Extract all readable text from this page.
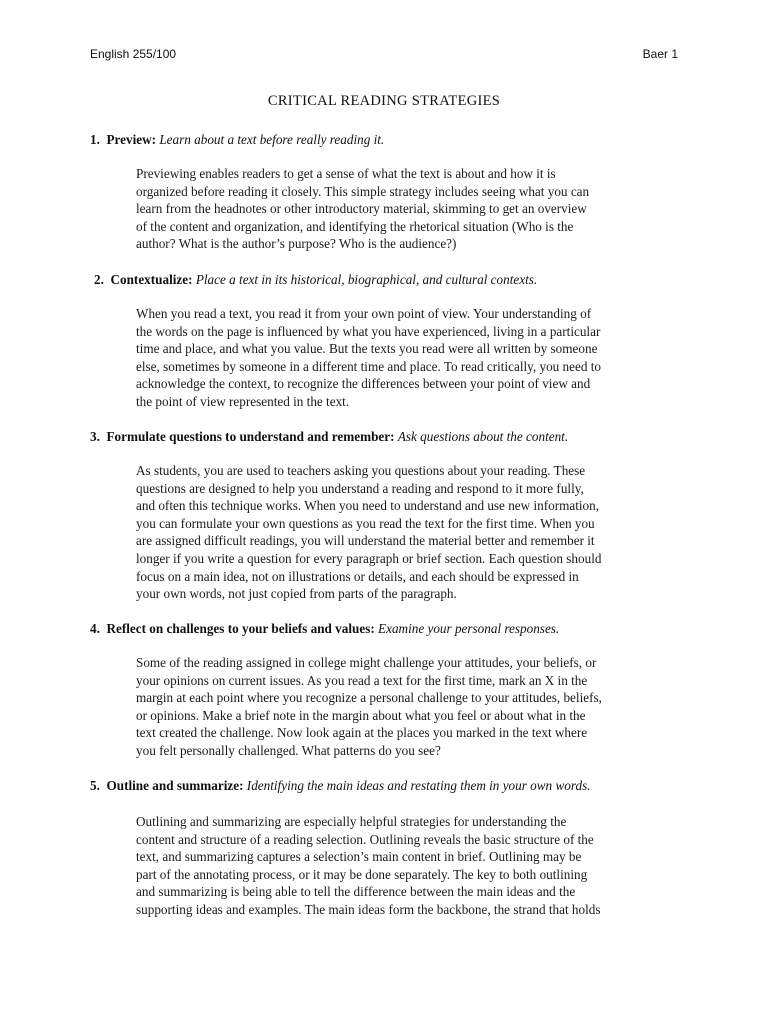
English 255/100	Baer 1
CRITICAL READING STRATEGIES
1. Preview: Learn about a text before really reading it.
Previewing enables readers to get a sense of what the text is about and how it is
organized before reading it closely. This simple strategy includes seeing what you can
learn from the headnotes or other introductory material, skimming to get an overview
of the content and organization, and identifying the rhetorical situation (Who is the
author? What is the author’s purpose? Who is the audience?)
2. Contextualize: Place a text in its historical, biographical, and cultural contexts.
When you read a text, you read it from your own point of view. Your understanding of
the words on the page is influenced by what you have experienced, living in a particular
time and place, and what you value. But the texts you read were all written by someone
else, sometimes by someone in a different time and place. To read critically, you need to
acknowledge the context, to recognize the differences between your point of view and
the point of view represented in the text.
3. Formulate questions to understand and remember: Ask questions about the content.
As students, you are used to teachers asking you questions about your reading. These
questions are designed to help you understand a reading and respond to it more fully,
and often this technique works. When you need to understand and use new information,
you can formulate your own questions as you read the text for the first time. When you
are assigned difficult readings, you will understand the material better and remember it
longer if you write a question for every paragraph or brief section. Each question should
focus on a main idea, not on illustrations or details, and each should be expressed in
your own words, not just copied from parts of the paragraph.
4. Reflect on challenges to your beliefs and values: Examine your personal responses.
Some of the reading assigned in college might challenge your attitudes, your beliefs, or
your opinions on current issues. As you read a text for the first time, mark an X in the
margin at each point where you recognize a personal challenge to your attitudes, beliefs,
or opinions. Make a brief note in the margin about what you feel or about what in the
text created the challenge. Now look again at the places you marked in the text where
you felt personally challenged. What patterns do you see?
5. Outline and summarize: Identifying the main ideas and restating them in your own words.
Outlining and summarizing are especially helpful strategies for understanding the
content and structure of a reading selection. Outlining reveals the basic structure of the
text, and summarizing captures a selection’s main content in brief. Outlining may be
part of the annotating process, or it may be done separately. The key to both outlining
and summarizing is being able to tell the difference between the main ideas and the
supporting ideas and examples. The main ideas form the backbone, the strand that holds
